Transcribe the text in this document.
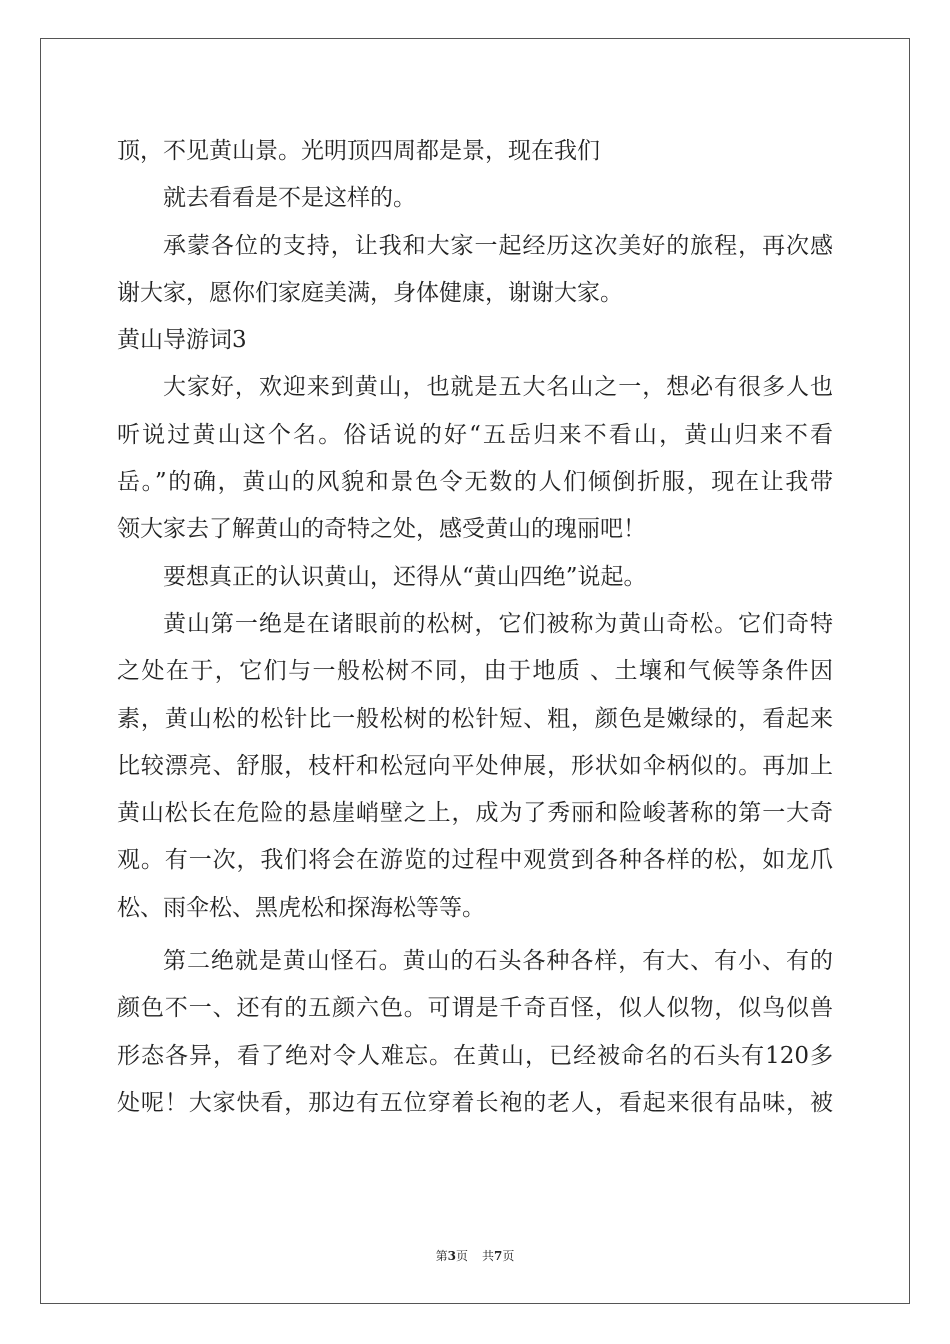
顶，不见黄山景。光明顶四周都是景，现在我们
就去看看是不是这样的。
承蒙各位的支持，让我和大家一起经历这次美好的旅程，再次感
谢大家，愿你们家庭美满，身体健康，谢谢大家。
黄山导游词3
大家好，欢迎来到黄山，也就是五大名山之一，想必有很多人也
听说过黄山这个名。俗话说的好“五岳归来不看山，黄山归来不看
岳。”的确，黄山的风貌和景色令无数的人们倾倒折服，现在让我带
领大家去了解黄山的奇特之处，感受黄山的瑰丽吧！
要想真正的认识黄山，还得从“黄山四绝”说起。
黄山第一绝是在诸眼前的松树，它们被称为黄山奇松。它们奇特
之处在于，它们与一般松树不同，由于地质 、土壤和气候等条件因
素，黄山松的松针比一般松树的松针短、粗，颜色是嫩绿的，看起来
比较漂亮、舒服，枝杆和松冠向平处伸展，形状如伞柄似的。再加上
黄山松长在危险的悬崖峭壁之上，成为了秀丽和险峻著称的第一大奇
观。有一次，我们将会在游览的过程中观赏到各种各样的松，如龙爪
松、雨伞松、黑虎松和探海松等等。
第二绝就是黄山怪石。黄山的石头各种各样，有大、有小、有的
颜色不一、还有的五颜六色。可谓是千奇百怪，似人似物，似鸟似兽
形态各异，看了绝对令人难忘。在黄山，已经被命名的石头有120多
处呢！大家快看，那边有五位穿着长袍的老人，看起来很有品味，被
第3页 共7页
